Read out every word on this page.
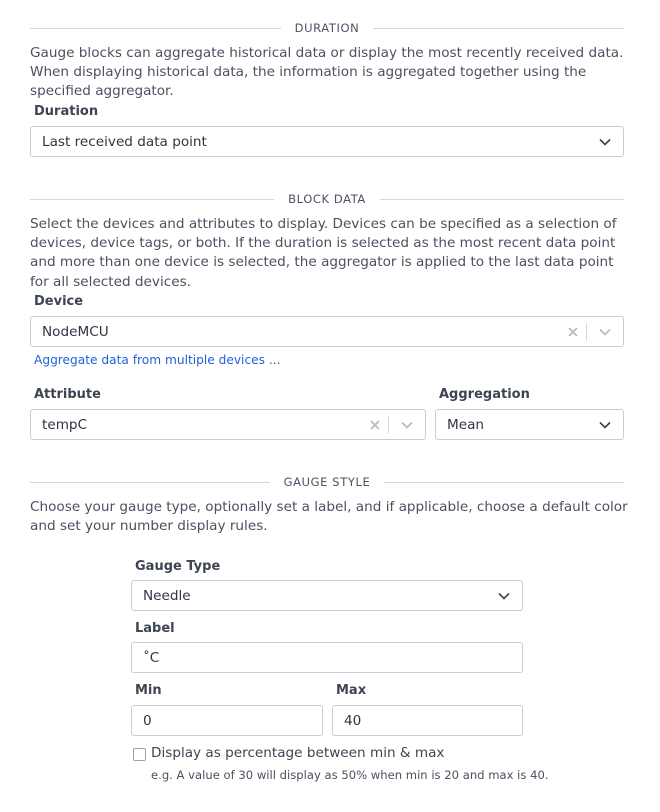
DURATION

Gauge blocks can aggregate historical data or display the most recently received data. When displaying historical data, the information is aggregated together using the specified aggregator.

Duration
Last received data point
BLOCK DATA

Select the devices and attributes to display. Devices can be specified as a selection of devices, device tags, or both. If the duration is selected as the most recent data point and more than one device is selected, the aggregator is applied to the last data point for all selected devices.

Device
NodeMCU
Aggregate data from multiple devices ...
Attribute
tempC
Aggregation
Mean
GAUGE STYLE

Choose your gauge type, optionally set a label, and if applicable, choose a default color and set your number display rules.

Gauge Type
Needle
Label
˚C
Min
0
Max
40
Display as percentage between min & max
e.g. A value of 30 will display as 50% when min is 20 and max is 40.
